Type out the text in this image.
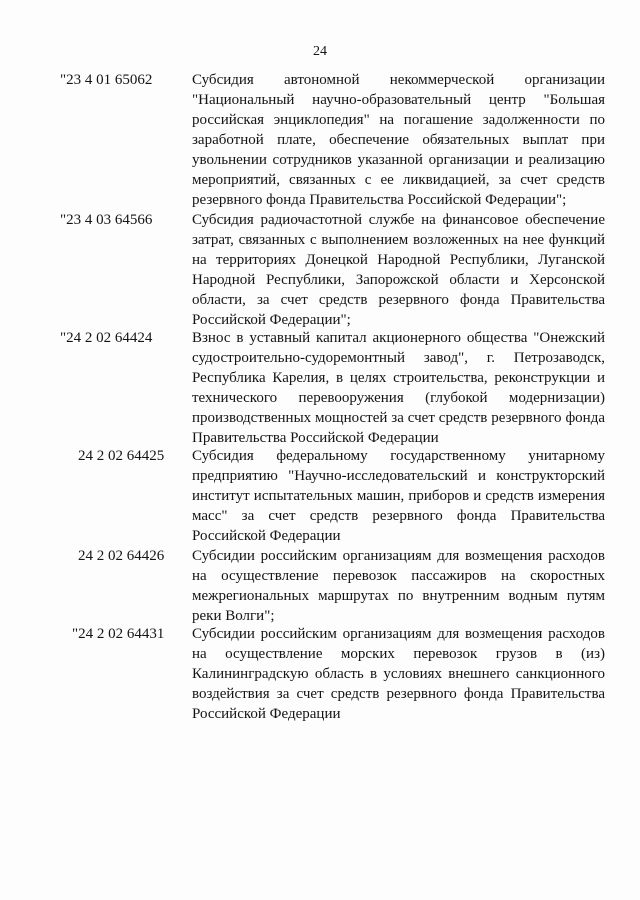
24
"23 4 01 65062	Субсидия автономной некоммерческой организации "Национальный научно-образовательный центр "Большая российская энциклопедия" на погашение задолженности по заработной плате, обеспечение обязательных выплат при увольнении сотрудников указанной организации и реализацию мероприятий, связанных с ее ликвидацией, за счет средств резервного фонда Правительства Российской Федерации";
"23 4 03 64566	Субсидия радиочастотной службе на финансовое обеспечение затрат, связанных с выполнением возложенных на нее функций на территориях Донецкой Народной Республики, Луганской Народной Республики, Запорожской области и Херсонской области, за счет средств резервного фонда Правительства Российской Федерации";
"24 2 02 64424	Взнос в уставный капитал акционерного общества "Онежский судостроительно-судоремонтный завод", г. Петрозаводск, Республика Карелия, в целях строительства, реконструкции и технического перевооружения (глубокой модернизации) производственных мощностей за счет средств резервного фонда Правительства Российской Федерации
24 2 02 64425	Субсидия федеральному государственному унитарному предприятию "Научно-исследовательский и конструкторский институт испытательных машин, приборов и средств измерения масс" за счет средств резервного фонда Правительства Российской Федерации
24 2 02 64426	Субсидии российским организациям для возмещения расходов на осуществление перевозок пассажиров на скоростных межрегиональных маршрутах по внутренним водным путям реки Волги";
"24 2 02 64431	Субсидии российским организациям для возмещения расходов на осуществление морских перевозок грузов в (из) Калининградскую область в условиях внешнего санкционного воздействия за счет средств резервного фонда Правительства Российской Федерации
